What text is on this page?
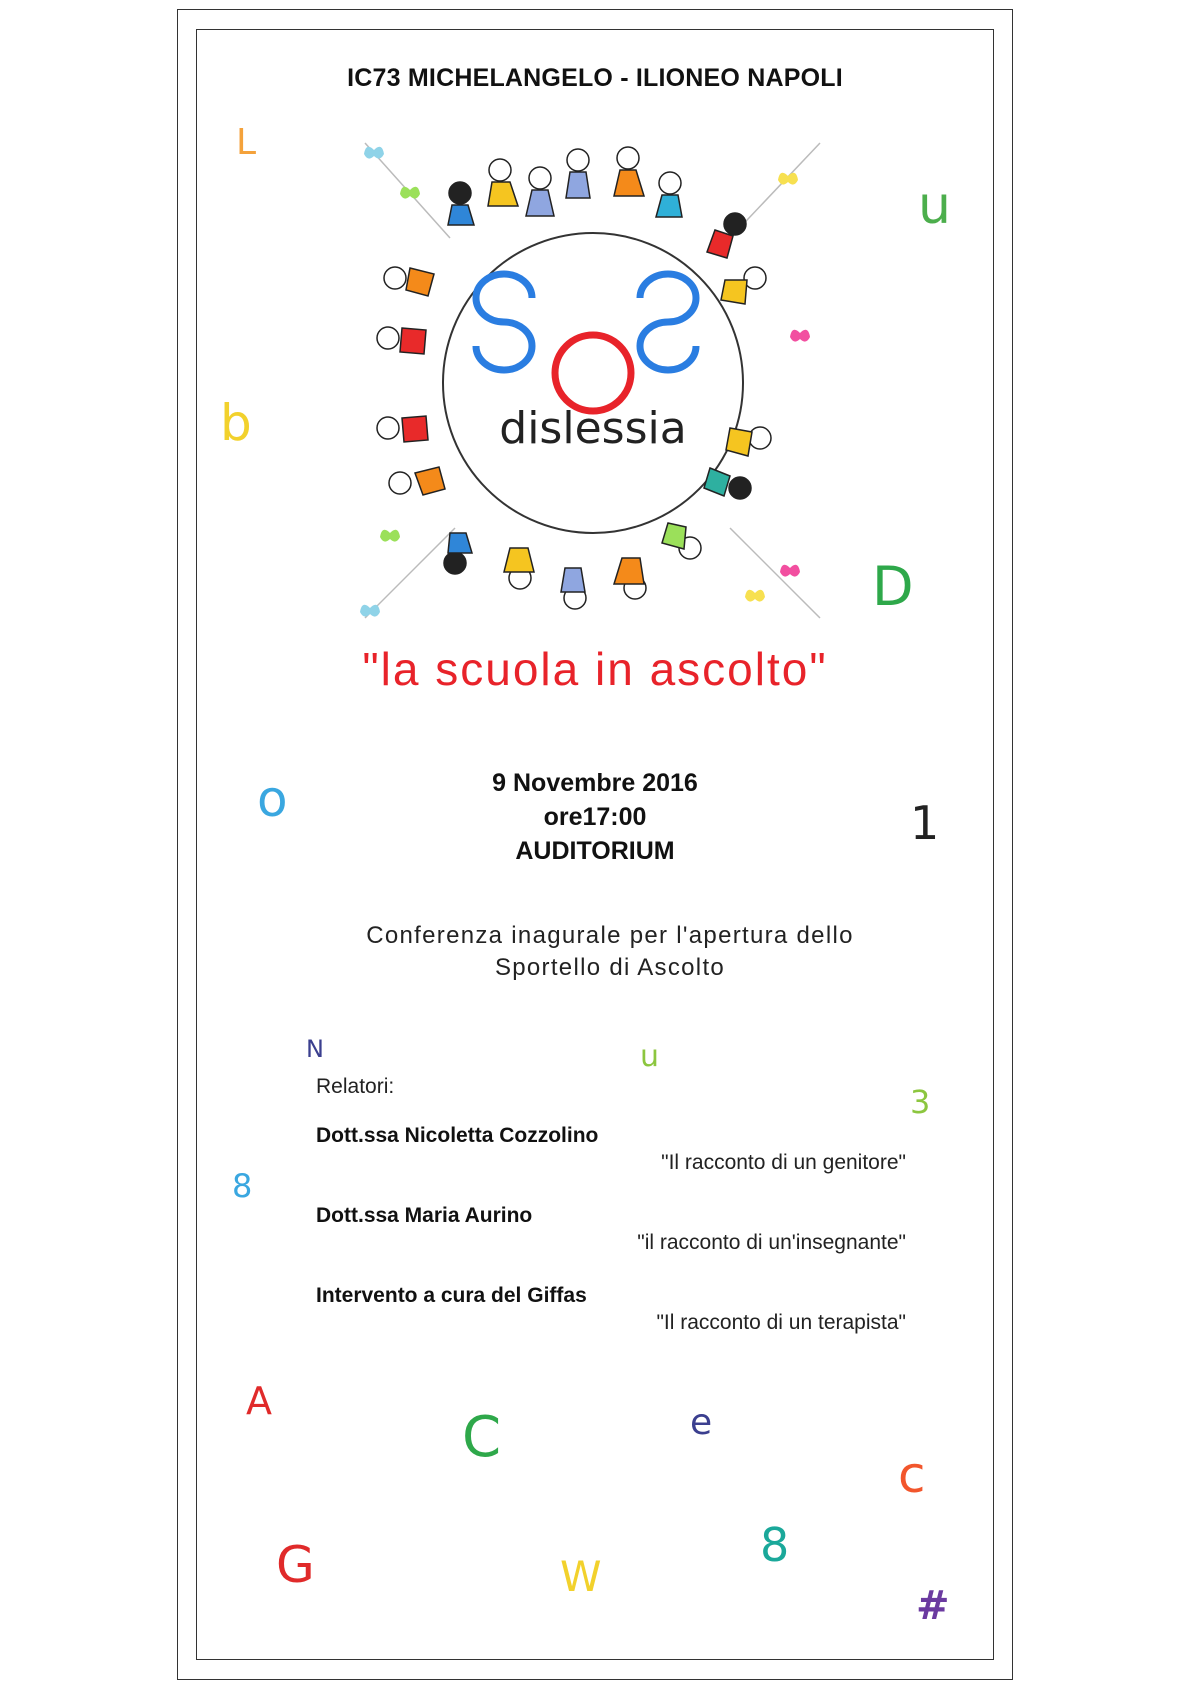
IC73 MICHELANGELO - ILIONEO NAPOLI
dislessia
"la scuola in ascolto"
9 Novembre 2016
ore17:00
AUDITORIUM
Conferenza inagurale per l'apertura dello
Sportello di Ascolto
Relatori:
Dott.ssa Nicoletta Cozzolino
"Il racconto di un genitore"
Dott.ssa Maria Aurino
"il racconto di un'insegnante"
Intervento a cura del Giffas
"Il racconto di un terapista"
L
u
b
D
o	1
N	u
3
8
A
C	e
c
G	W
8
#
